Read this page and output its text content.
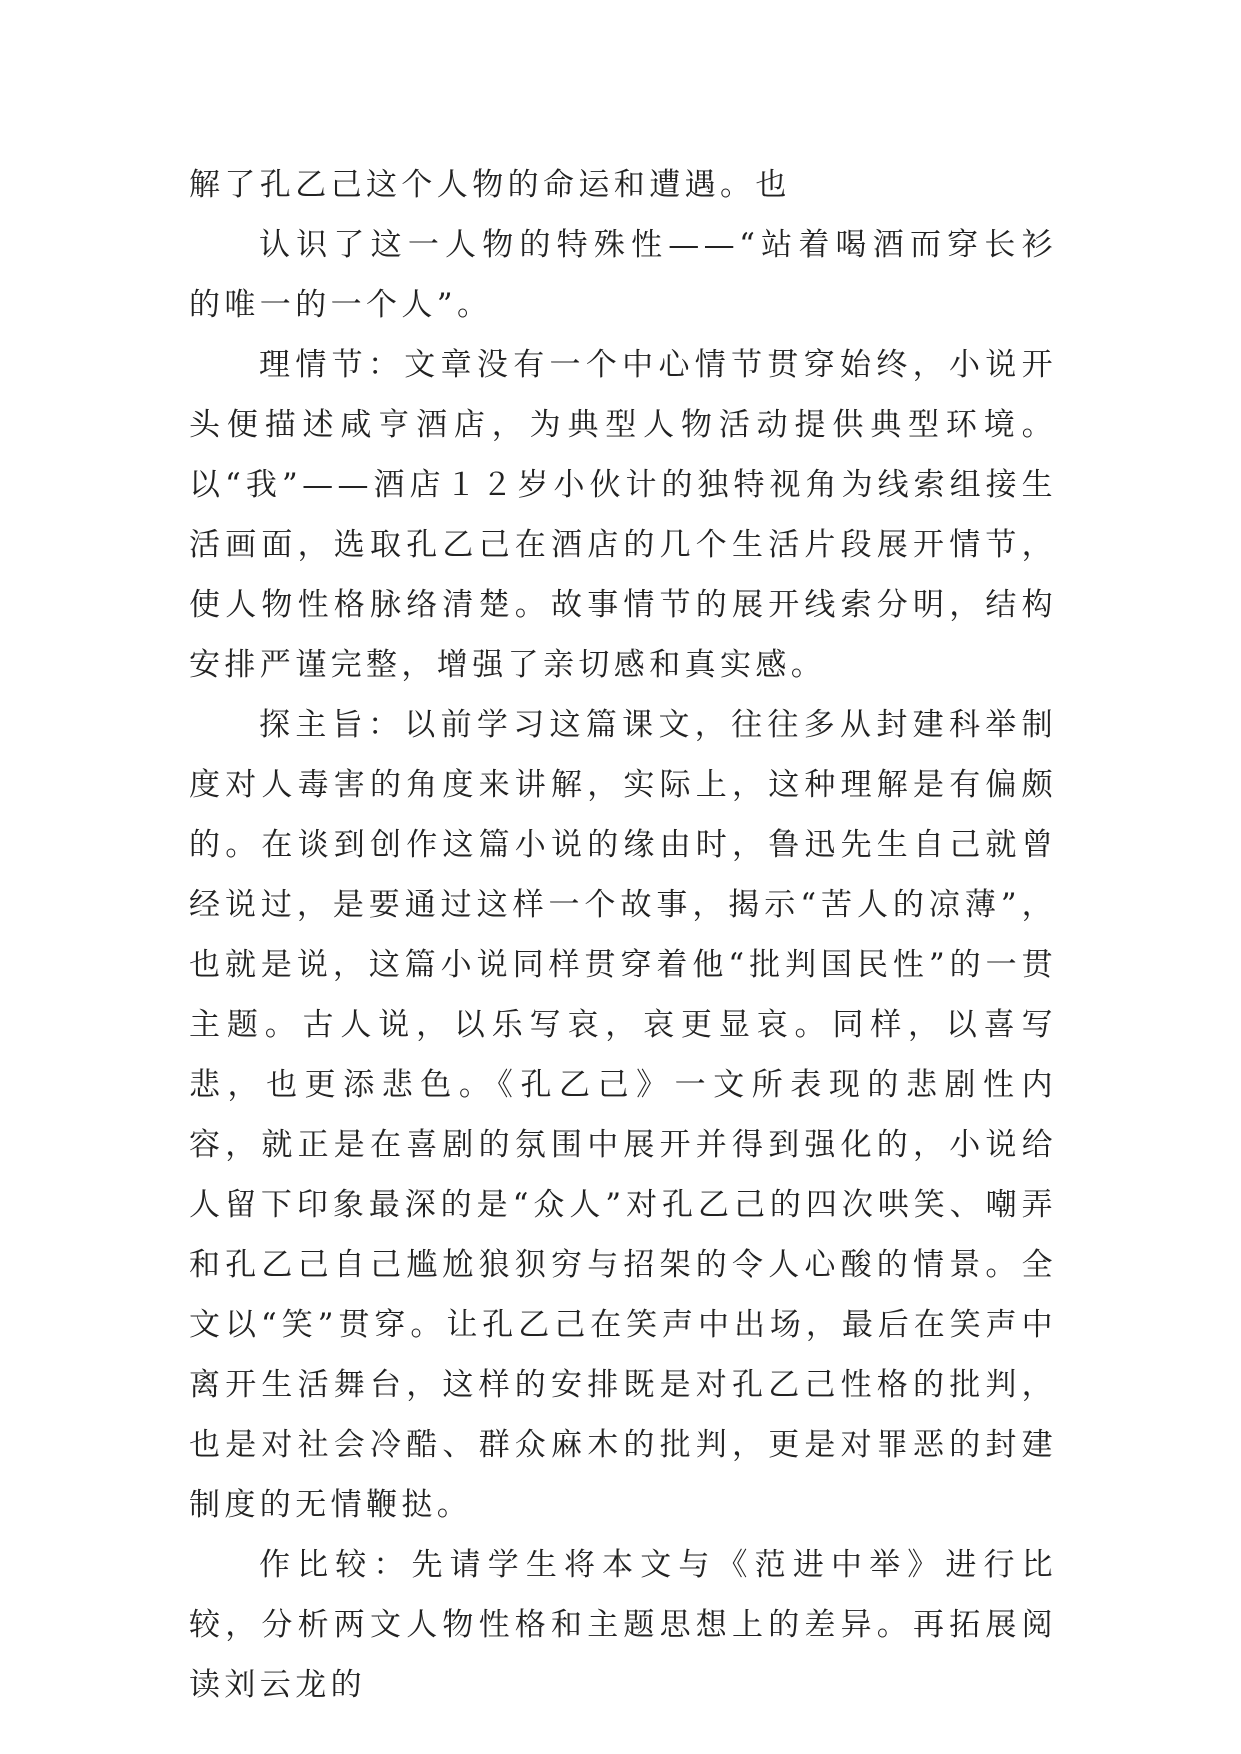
解了孔乙己这个人物的命运和遭遇。也

认识了这一人物的特殊性——“站着喝酒而穿长衫的唯一的一个人”。

理情节：文章没有一个中心情节贯穿始终，小说开头便描述咸亨酒店，为典型人物活动提供典型环境。以“我”——酒店１２岁小伙计的独特视角为线索组接生活画面，选取孔乙己在酒店的几个生活片段展开情节，使人物性格脉络清楚。故事情节的展开线索分明，结构安排严谨完整，增强了亲切感和真实感。

探主旨：以前学习这篇课文，往往多从封建科举制度对人毒害的角度来讲解，实际上，这种理解是有偏颇的。在谈到创作这篇小说的缘由时，鲁迅先生自己就曾经说过，是要通过这样一个故事，揭示“苦人的凉薄”，也就是说，这篇小说同样贯穿着他“批判国民性”的一贯主题。古人说，以乐写哀，哀更显哀。同样，以喜写悲，也更添悲色。《孔乙己》一文所表现的悲剧性内容，就正是在喜剧的氛围中展开并得到强化的，小说给人留下印象最深的是“众人”对孔乙己的四次哄笑、嘲弄和孔乙己自己尴尬狼狈穷与招架的令人心酸的情景。全文以“笑”贯穿。让孔乙己在笑声中出场，最后在笑声中离开生活舞台，这样的安排既是对孔乙己性格的批判，也是对社会冷酷、群众麻木的批判，更是对罪恶的封建制度的无情鞭挞。

作比较：先请学生将本文与《范进中举》进行比较，分析两文人物性格和主题思想上的差异。再拓展阅读刘云龙的
